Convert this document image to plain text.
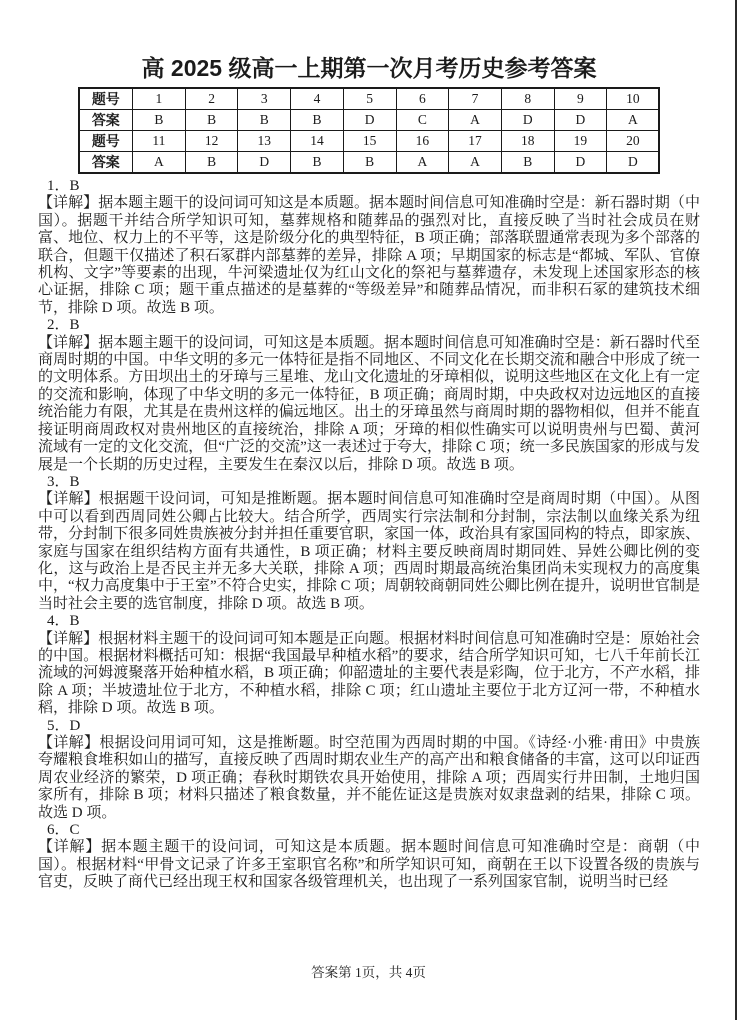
高 2025 级高一上期第一次月考历史参考答案
题号	1	2	3	4	5	6	7	8	9	10
答案	B	B	B	B	D	C	A	D	D	A
题号	11	12	13	14	15	16	17	18	19	20
答案	A	B	D	B	B	A	A	B	D	D
1．B

【详解】据本题主题干的设问词可知这是本质题。据本题时间信息可知准确时空是：新石器时期（中国）。据题干并结合所学知识可知，墓葬规格和随葬品的强烈对比，直接反映了当时社会成员在财富、地位、权力上的不平等，这是阶级分化的典型特征，B 项正确；部落联盟通常表现为多个部落的联合，但题干仅描述了积石冢群内部墓葬的差异，排除 A 项；早期国家的标志是“都城、军队、官僚机构、文字”等要素的出现，牛河梁遗址仅为红山文化的祭祀与墓葬遗存，未发现上述国家形态的核心证据，排除 C 项；题干重点描述的是墓葬的“等级差异”和随葬品情况，而非积石冢的建筑技术细节，排除 D 项。故选 B 项。

2．B

【详解】据本题主题干的设问词，可知这是本质题。据本题时间信息可知准确时空是：新石器时代至商周时期的中国。中华文明的多元一体特征是指不同地区、不同文化在长期交流和融合中形成了统一的文明体系。方田坝出土的牙璋与三星堆、龙山文化遗址的牙璋相似，说明这些地区在文化上有一定的交流和影响，体现了中华文明的多元一体特征，B 项正确；商周时期，中央政权对边远地区的直接统治能力有限，尤其是在贵州这样的偏远地区。出土的牙璋虽然与商周时期的器物相似，但并不能直接证明商周政权对贵州地区的直接统治，排除 A 项；牙璋的相似性确实可以说明贵州与巴蜀、黄河流域有一定的文化交流，但“广泛的交流”这一表述过于夸大，排除 C 项；统一多民族国家的形成与发展是一个长期的历史过程，主要发生在秦汉以后，排除 D 项。故选 B 项。

3．B

【详解】根据题干设问词，可知是推断题。据本题时间信息可知准确时空是商周时期（中国）。从图中可以看到西周同姓公卿占比较大。结合所学，西周实行宗法制和分封制，宗法制以血缘关系为纽带，分封制下很多同姓贵族被分封并担任重要官职，家国一体，政治具有家国同构的特点，即家族、家庭与国家在组织结构方面有共通性，B 项正确；材料主要反映商周时期同姓、异姓公卿比例的变化，这与政治上是否民主并无多大关联，排除 A 项；西周时期最高统治集团尚未实现权力的高度集中，“权力高度集中于王室”不符合史实，排除 C 项；周朝较商朝同姓公卿比例在提升，说明世官制是当时社会主要的选官制度，排除 D 项。故选 B 项。

4．B

【详解】根据材料主题干的设问词可知本题是正向题。根据材料时间信息可知准确时空是：原始社会的中国。根据材料概括可知：根据“我国最早种植水稻”的要求，结合所学知识可知，七八千年前长江流域的河姆渡聚落开始种植水稻，B 项正确；仰韶遗址的主要代表是彩陶，位于北方，不产水稻，排除 A 项；半坡遗址位于北方，不种植水稻，排除 C 项；红山遗址主要位于北方辽河一带，不种植水稻，排除 D 项。故选 B 项。

5．D

【详解】根据设问用词可知，这是推断题。时空范围为西周时期的中国。《诗经·小雅·甫田》中贵族夸耀粮食堆积如山的描写，直接反映了西周时期农业生产的高产出和粮食储备的丰富，这可以印证西周农业经济的繁荣，D 项正确；春秋时期铁农具开始使用，排除 A 项；西周实行井田制，土地归国家所有，排除 B 项；材料只描述了粮食数量，并不能佐证这是贵族对奴隶盘剥的结果，排除 C 项。故选 D 项。

6．C

【详解】据本题主题干的设问词，可知这是本质题。据本题时间信息可知准确时空是：商朝（中国）。根据材料“甲骨文记录了许多王室职官名称”和所学知识可知，商朝在王以下设置各级的贵族与官吏，反映了商代已经出现王权和国家各级管理机关，也出现了一系列国家官制，说明当时已经

答案第 1页，共 4页
